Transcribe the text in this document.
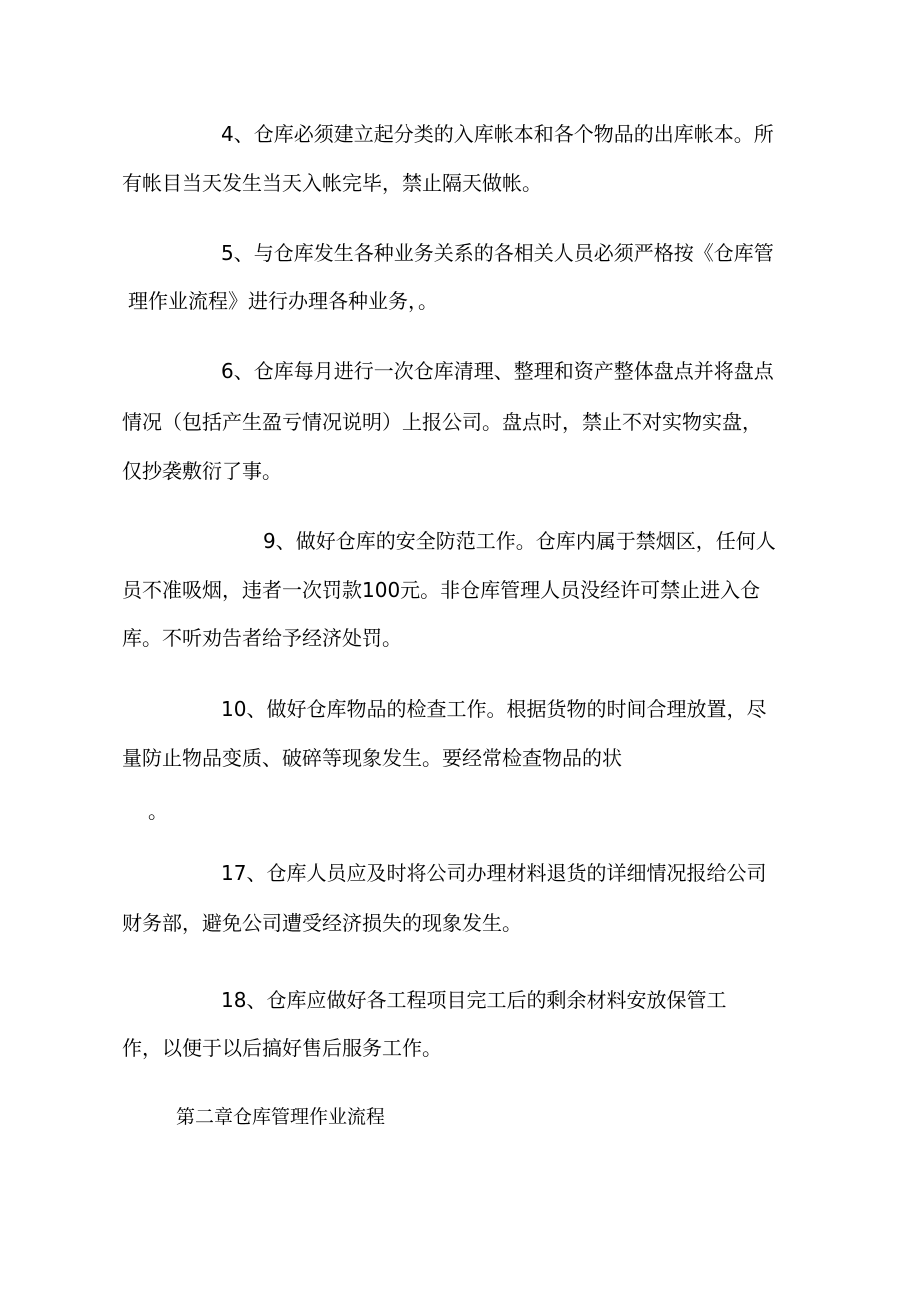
4、仓库必须建立起分类的入库帐本和各个物品的出库帐本。所
有帐目当天发生当天入帐完毕，禁止隔天做帐。
5、与仓库发生各种业务关系的各相关人员必须严格按《仓库管
理作业流程》进行办理各种业务，。
6、仓库每月进行一次仓库清理、整理和资产整体盘点并将盘点
情况（包括产生盈亏情况说明）上报公司。盘点时，禁止不对实物实盘，
仅抄袭敷衍了事。
9、做好仓库的安全防范工作。仓库内属于禁烟区，任何人
员不准吸烟，违者一次罚款100元。非仓库管理人员没经许可禁止进入仓
库。不听劝告者给予经济处罚。
10、做好仓库物品的检查工作。根据货物的时间合理放置，尽
量防止物品变质、破碎等现象发生。要经常检查物品的状
。
17、仓库人员应及时将公司办理材料退货的详细情况报给公司
财务部，避免公司遭受经济损失的现象发生。
18、仓库应做好各工程项目完工后的剩余材料安放保管工
作，以便于以后搞好售后服务工作。
第二章仓库管理作业流程
